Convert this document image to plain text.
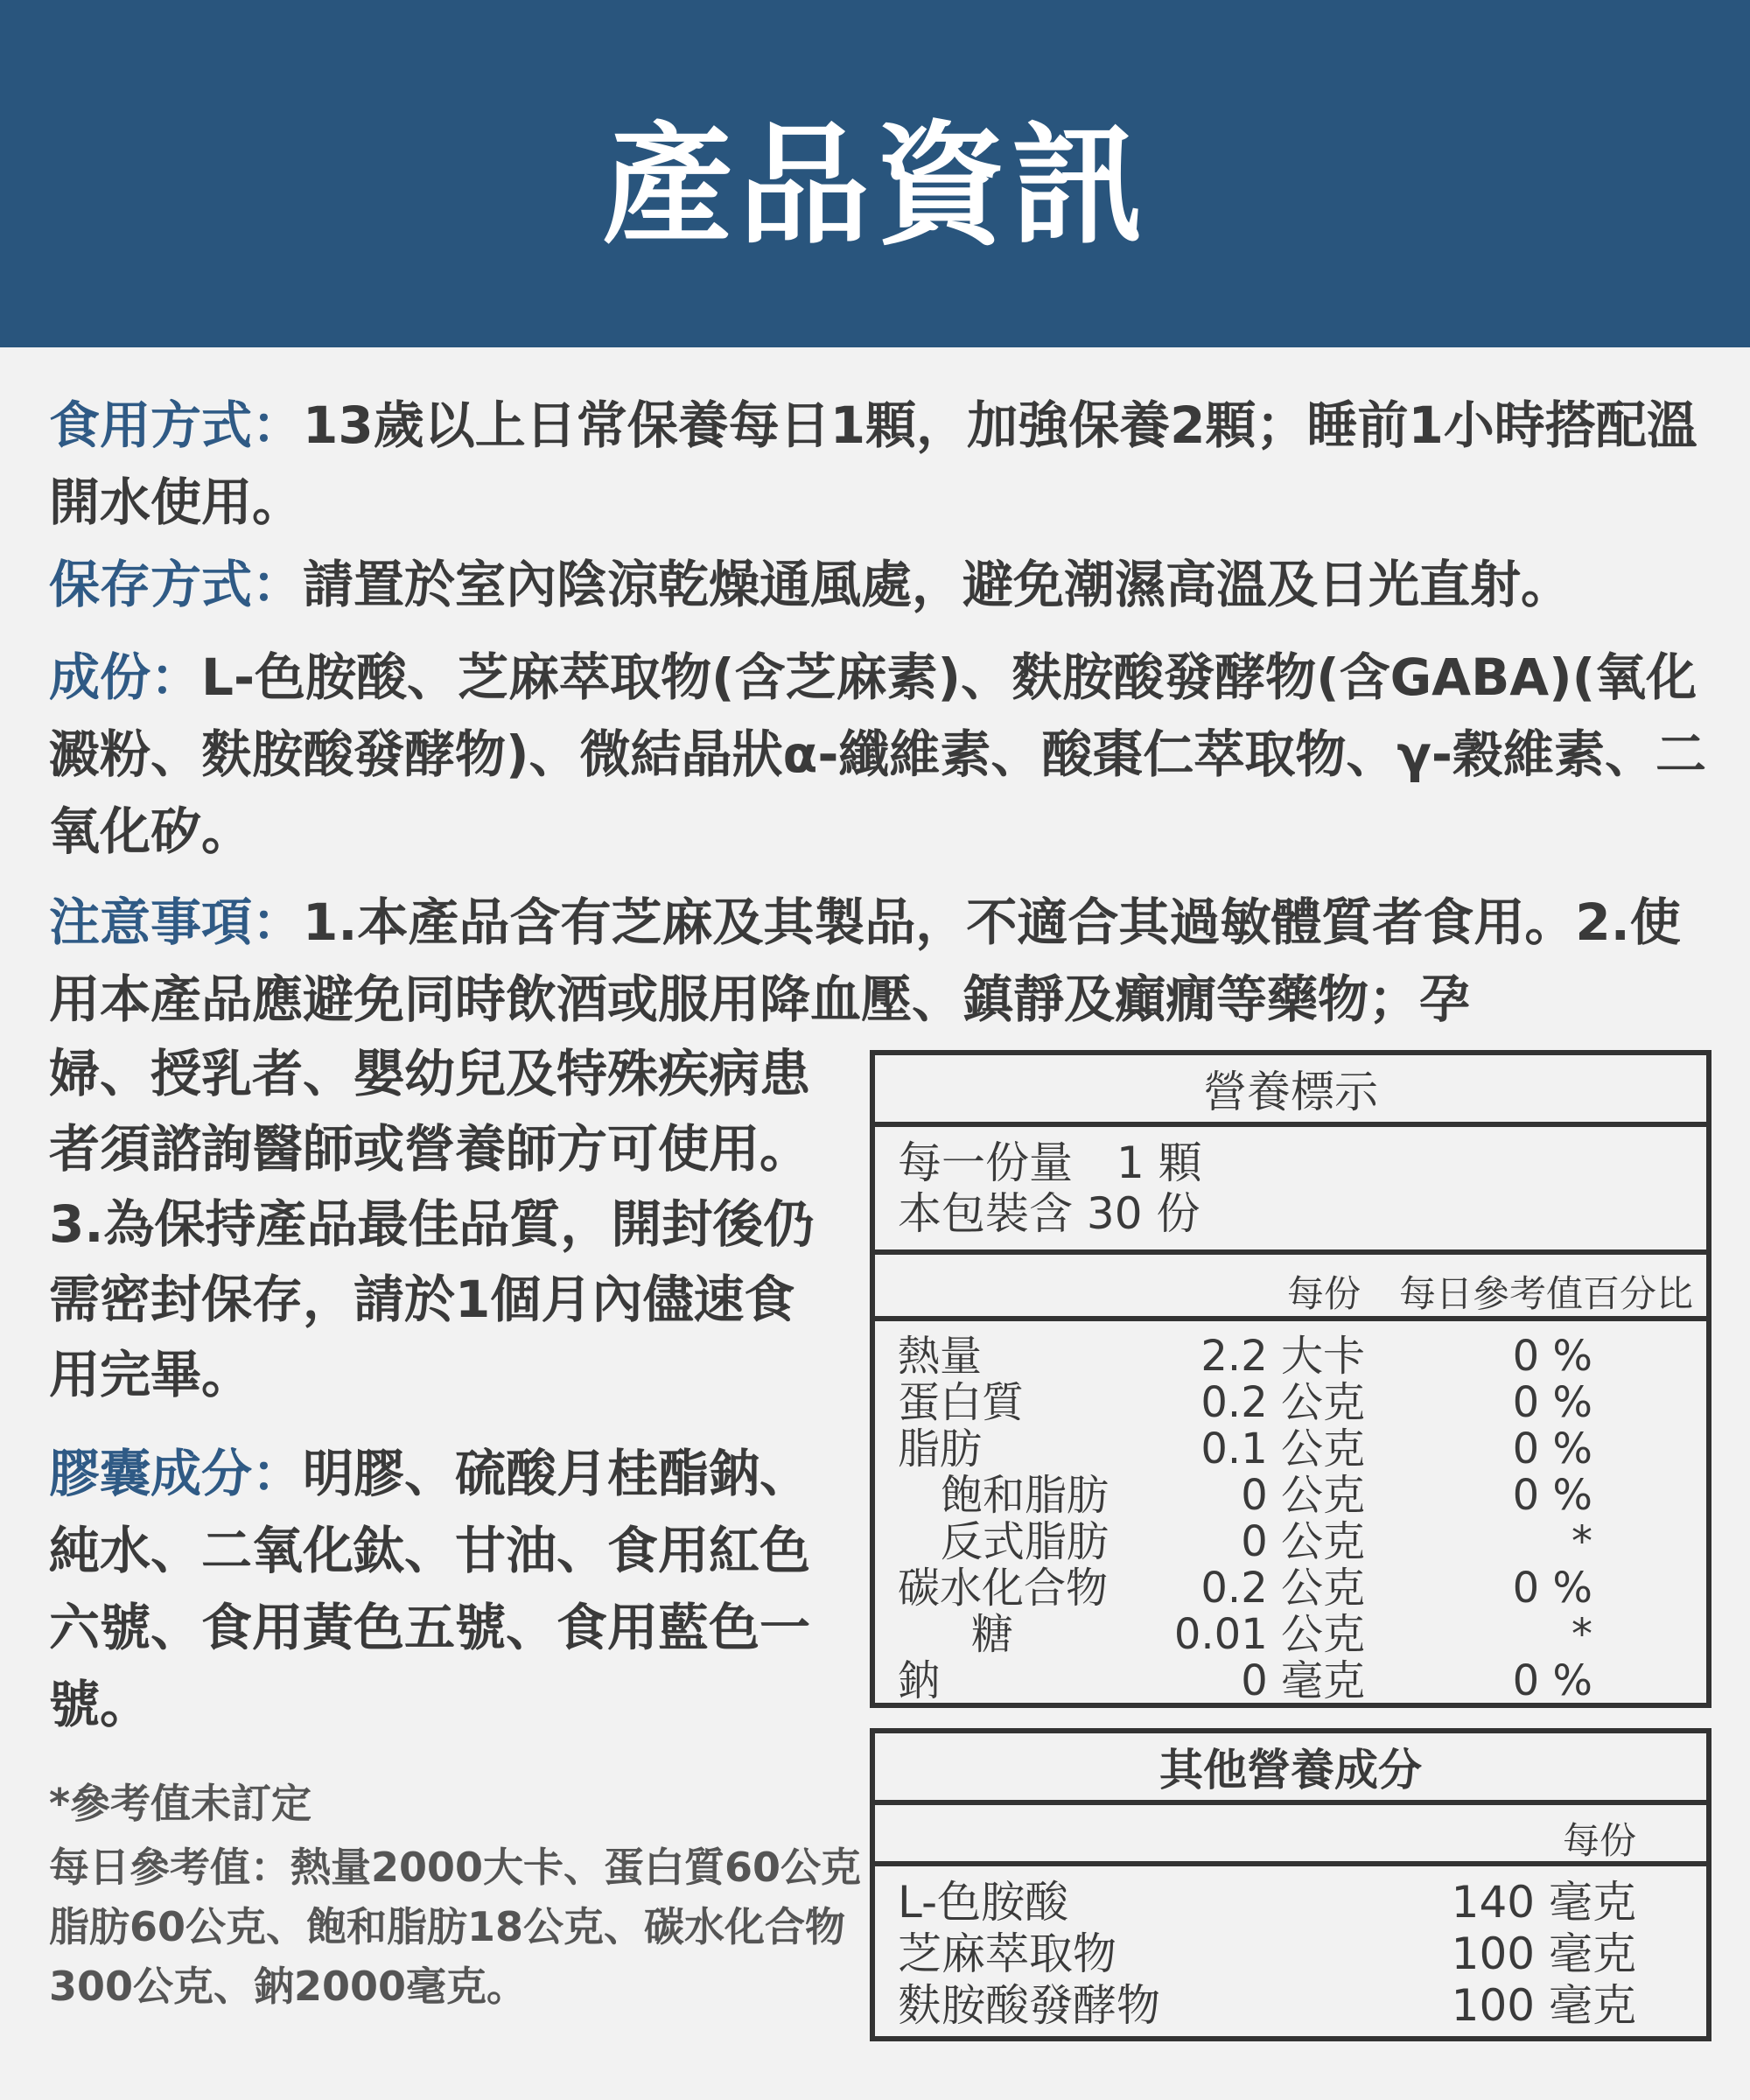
產品資訊
食用方式：13歲以上日常保養每日1顆，加強保養2顆；睡前1小時搭配溫開水使用。
保存方式：請置於室內陰涼乾燥通風處，避免潮濕高溫及日光直射。
成份：L-色胺酸、芝麻萃取物(含芝麻素)、麩胺酸發酵物(含GABA)(氧化澱粉、麩胺酸發酵物)、微結晶狀α-纖維素、酸棗仁萃取物、γ-穀維素、二氧化矽。
注意事項：1.本產品含有芝麻及其製品，不適合其過敏體質者食用。2.使用本產品應避免同時飲酒或服用降血壓、鎮靜及癲癇等藥物；孕
婦、授乳者、嬰幼兒及特殊疾病患者須諮詢醫師或營養師方可使用。3.為保持產品最佳品質，開封後仍需密封保存，請於1個月內儘速食用完畢。
膠囊成分：明膠、硫酸月桂酯鈉、純水、二氧化鈦、甘油、食用紅色六號、食用黃色五號、食用藍色一號。
*參考值未訂定
每日參考值：熱量2000大卡、蛋白質60公克脂肪60公克、飽和脂肪18公克、碳水化合物300公克、鈉2000毫克。
營養標示
每一份量　1 顆
本包裝含 30 份
每份 每日參考值百分比
熱量	2.2 大卡	0 %
蛋白質	0.2 公克	0 %
脂肪	0.1 公克	0 %
飽和脂肪	0 公克	0 %
反式脂肪	0 公克	*
碳水化合物 0.2 公克	0 %
糖	0.01 公克	*
鈉	0 毫克	0 %
其他營養成分
每份
L-色胺酸	140 毫克
芝麻萃取物	100 毫克
麩胺酸發酵物	100 毫克
